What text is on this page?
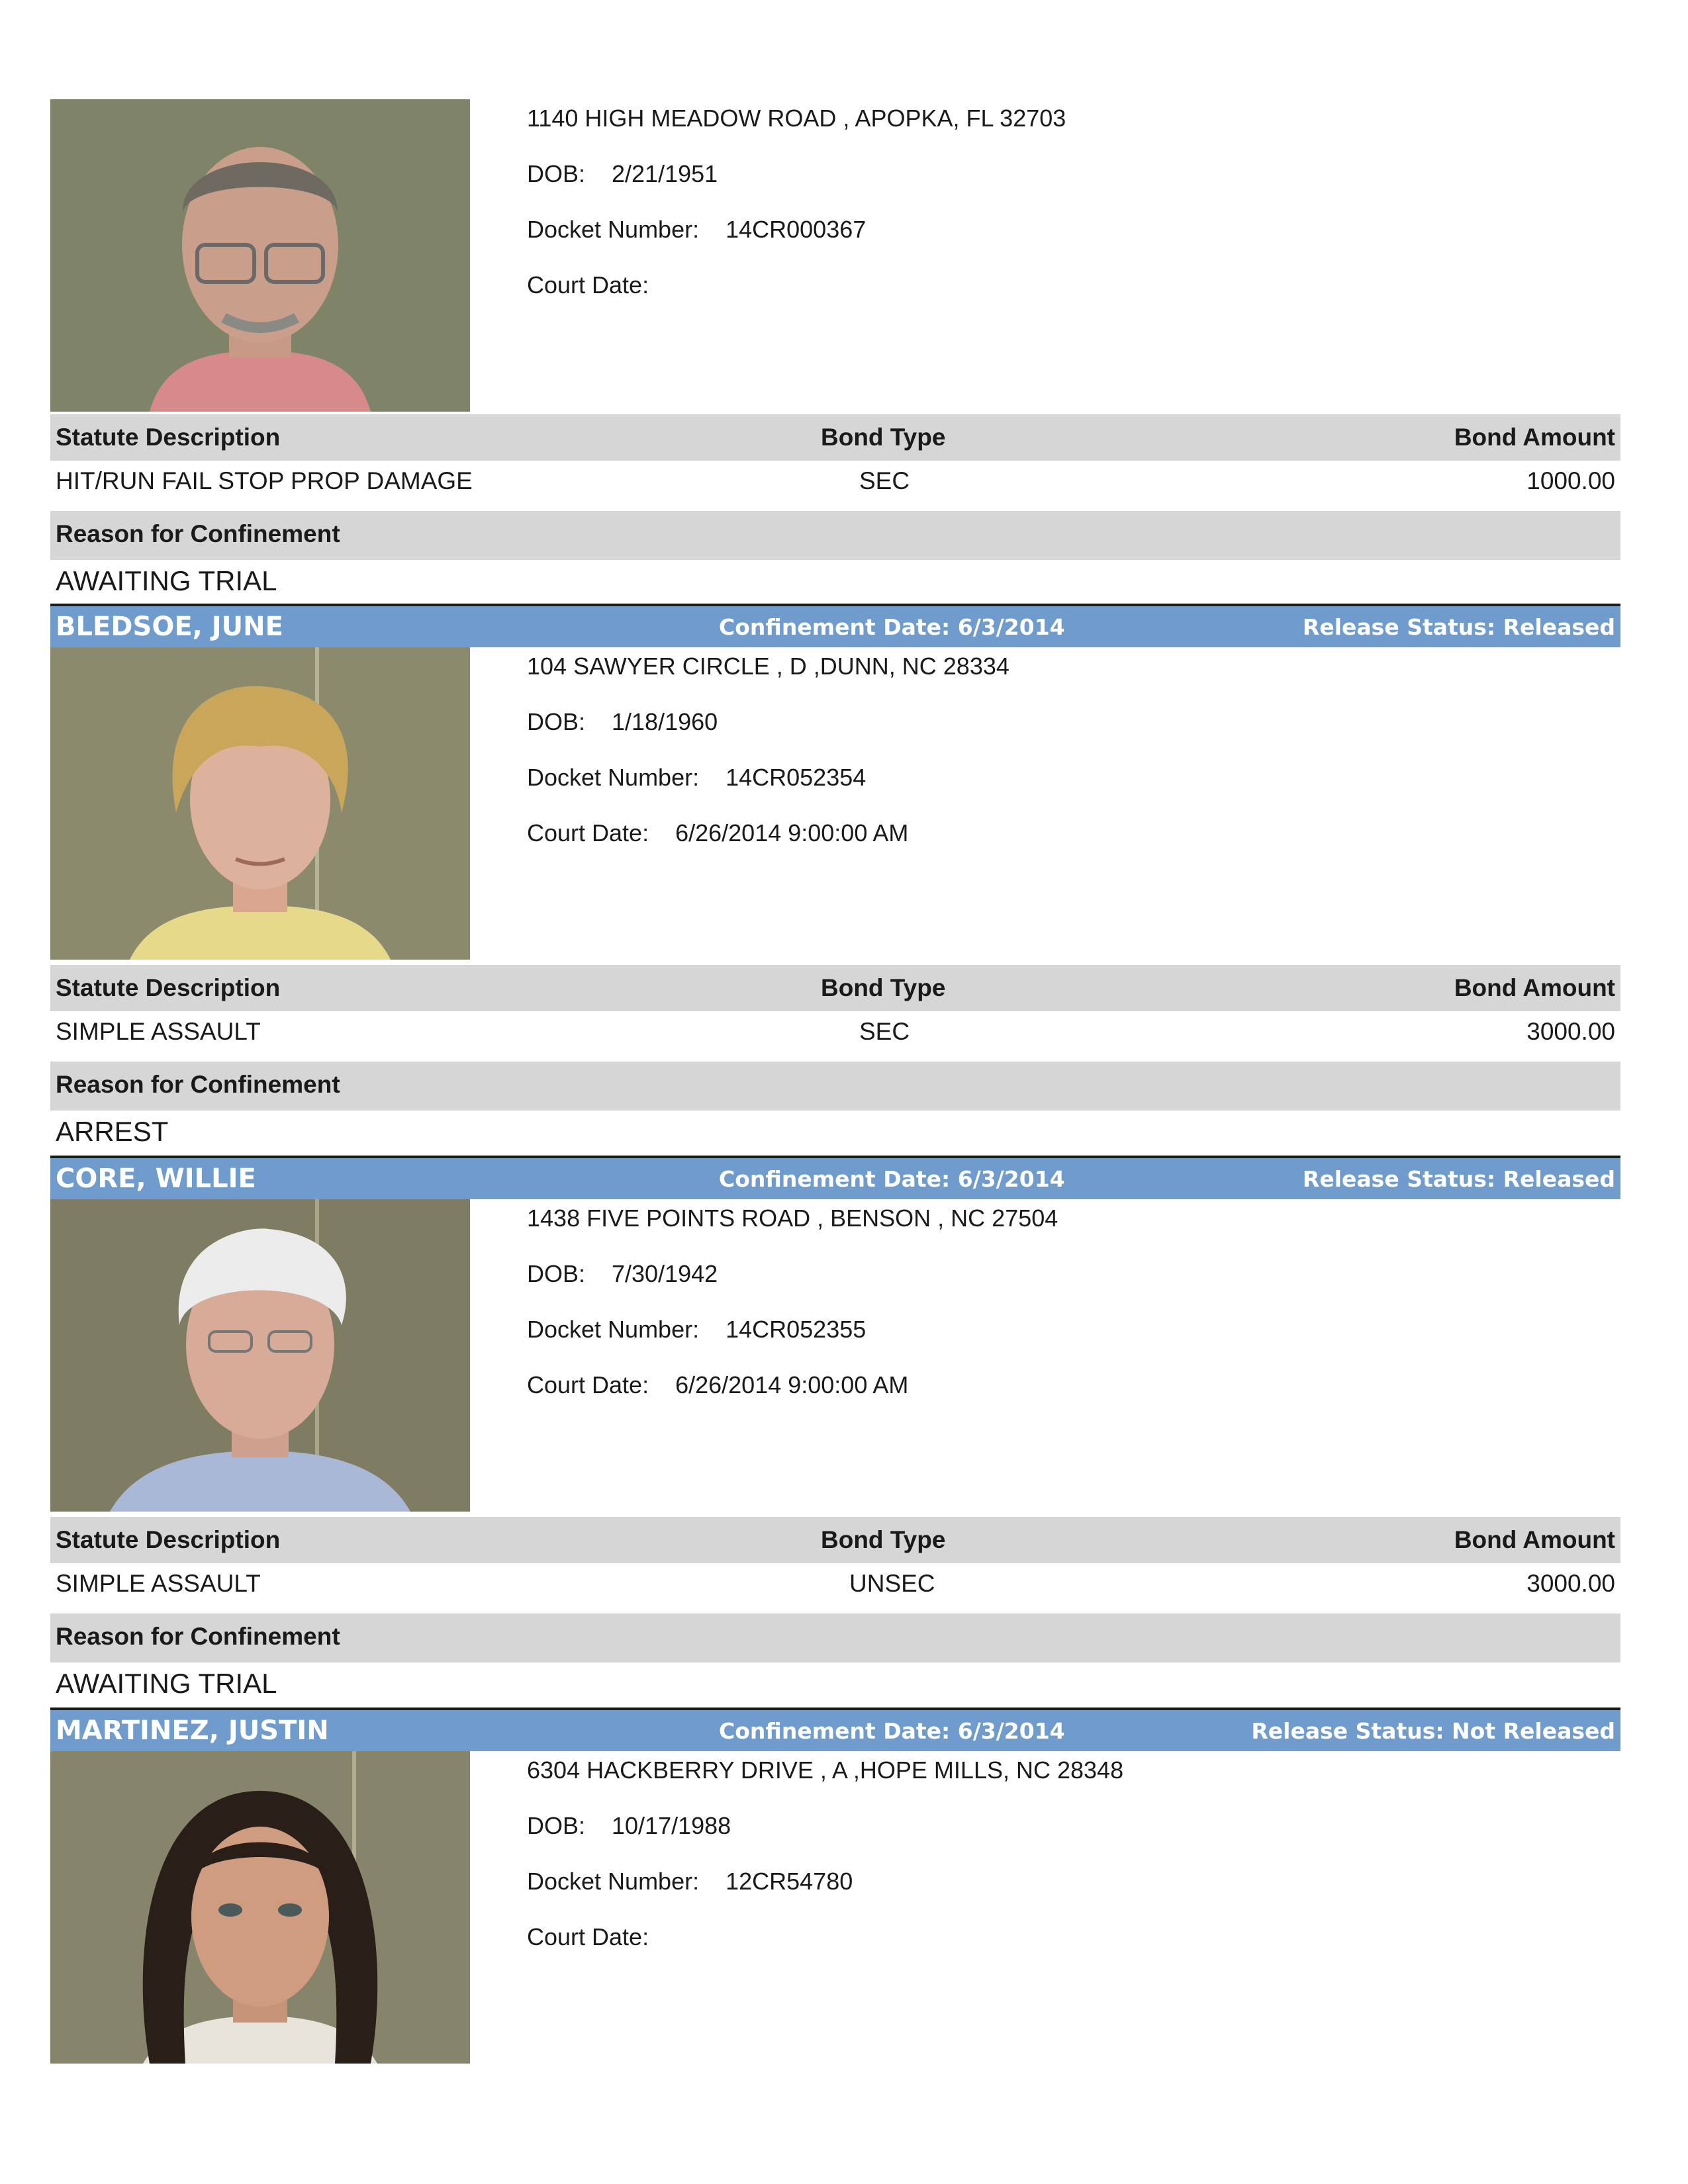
1140 HIGH MEADOW ROAD , APOPKA, FL 32703
DOB: 2/21/1951
Docket Number: 14CR000367
Court Date:
Statute Description	Bond Type	Bond Amount
HIT/RUN FAIL STOP PROP DAMAGE	SEC	1000.00
Reason for Confinement
AWAITING TRIAL
BLEDSOE, JUNE	Confinement Date: 6/3/2014	Release Status: Released
104 SAWYER CIRCLE , D ,DUNN, NC 28334
DOB: 1/18/1960
Docket Number: 14CR052354
Court Date: 6/26/2014 9:00:00 AM
Statute Description	Bond Type	Bond Amount
SIMPLE ASSAULT	SEC	3000.00
Reason for Confinement
ARREST
CORE, WILLIE	Confinement Date: 6/3/2014	Release Status: Released
1438 FIVE POINTS ROAD , BENSON , NC 27504
DOB: 7/30/1942
Docket Number: 14CR052355
Court Date: 6/26/2014 9:00:00 AM
Statute Description	Bond Type	Bond Amount
SIMPLE ASSAULT	UNSEC	3000.00
Reason for Confinement
AWAITING TRIAL
MARTINEZ, JUSTIN	Confinement Date: 6/3/2014	Release Status: Not Released
6304 HACKBERRY DRIVE , A ,HOPE MILLS, NC 28348
DOB: 10/17/1988
Docket Number: 12CR54780
Court Date:
